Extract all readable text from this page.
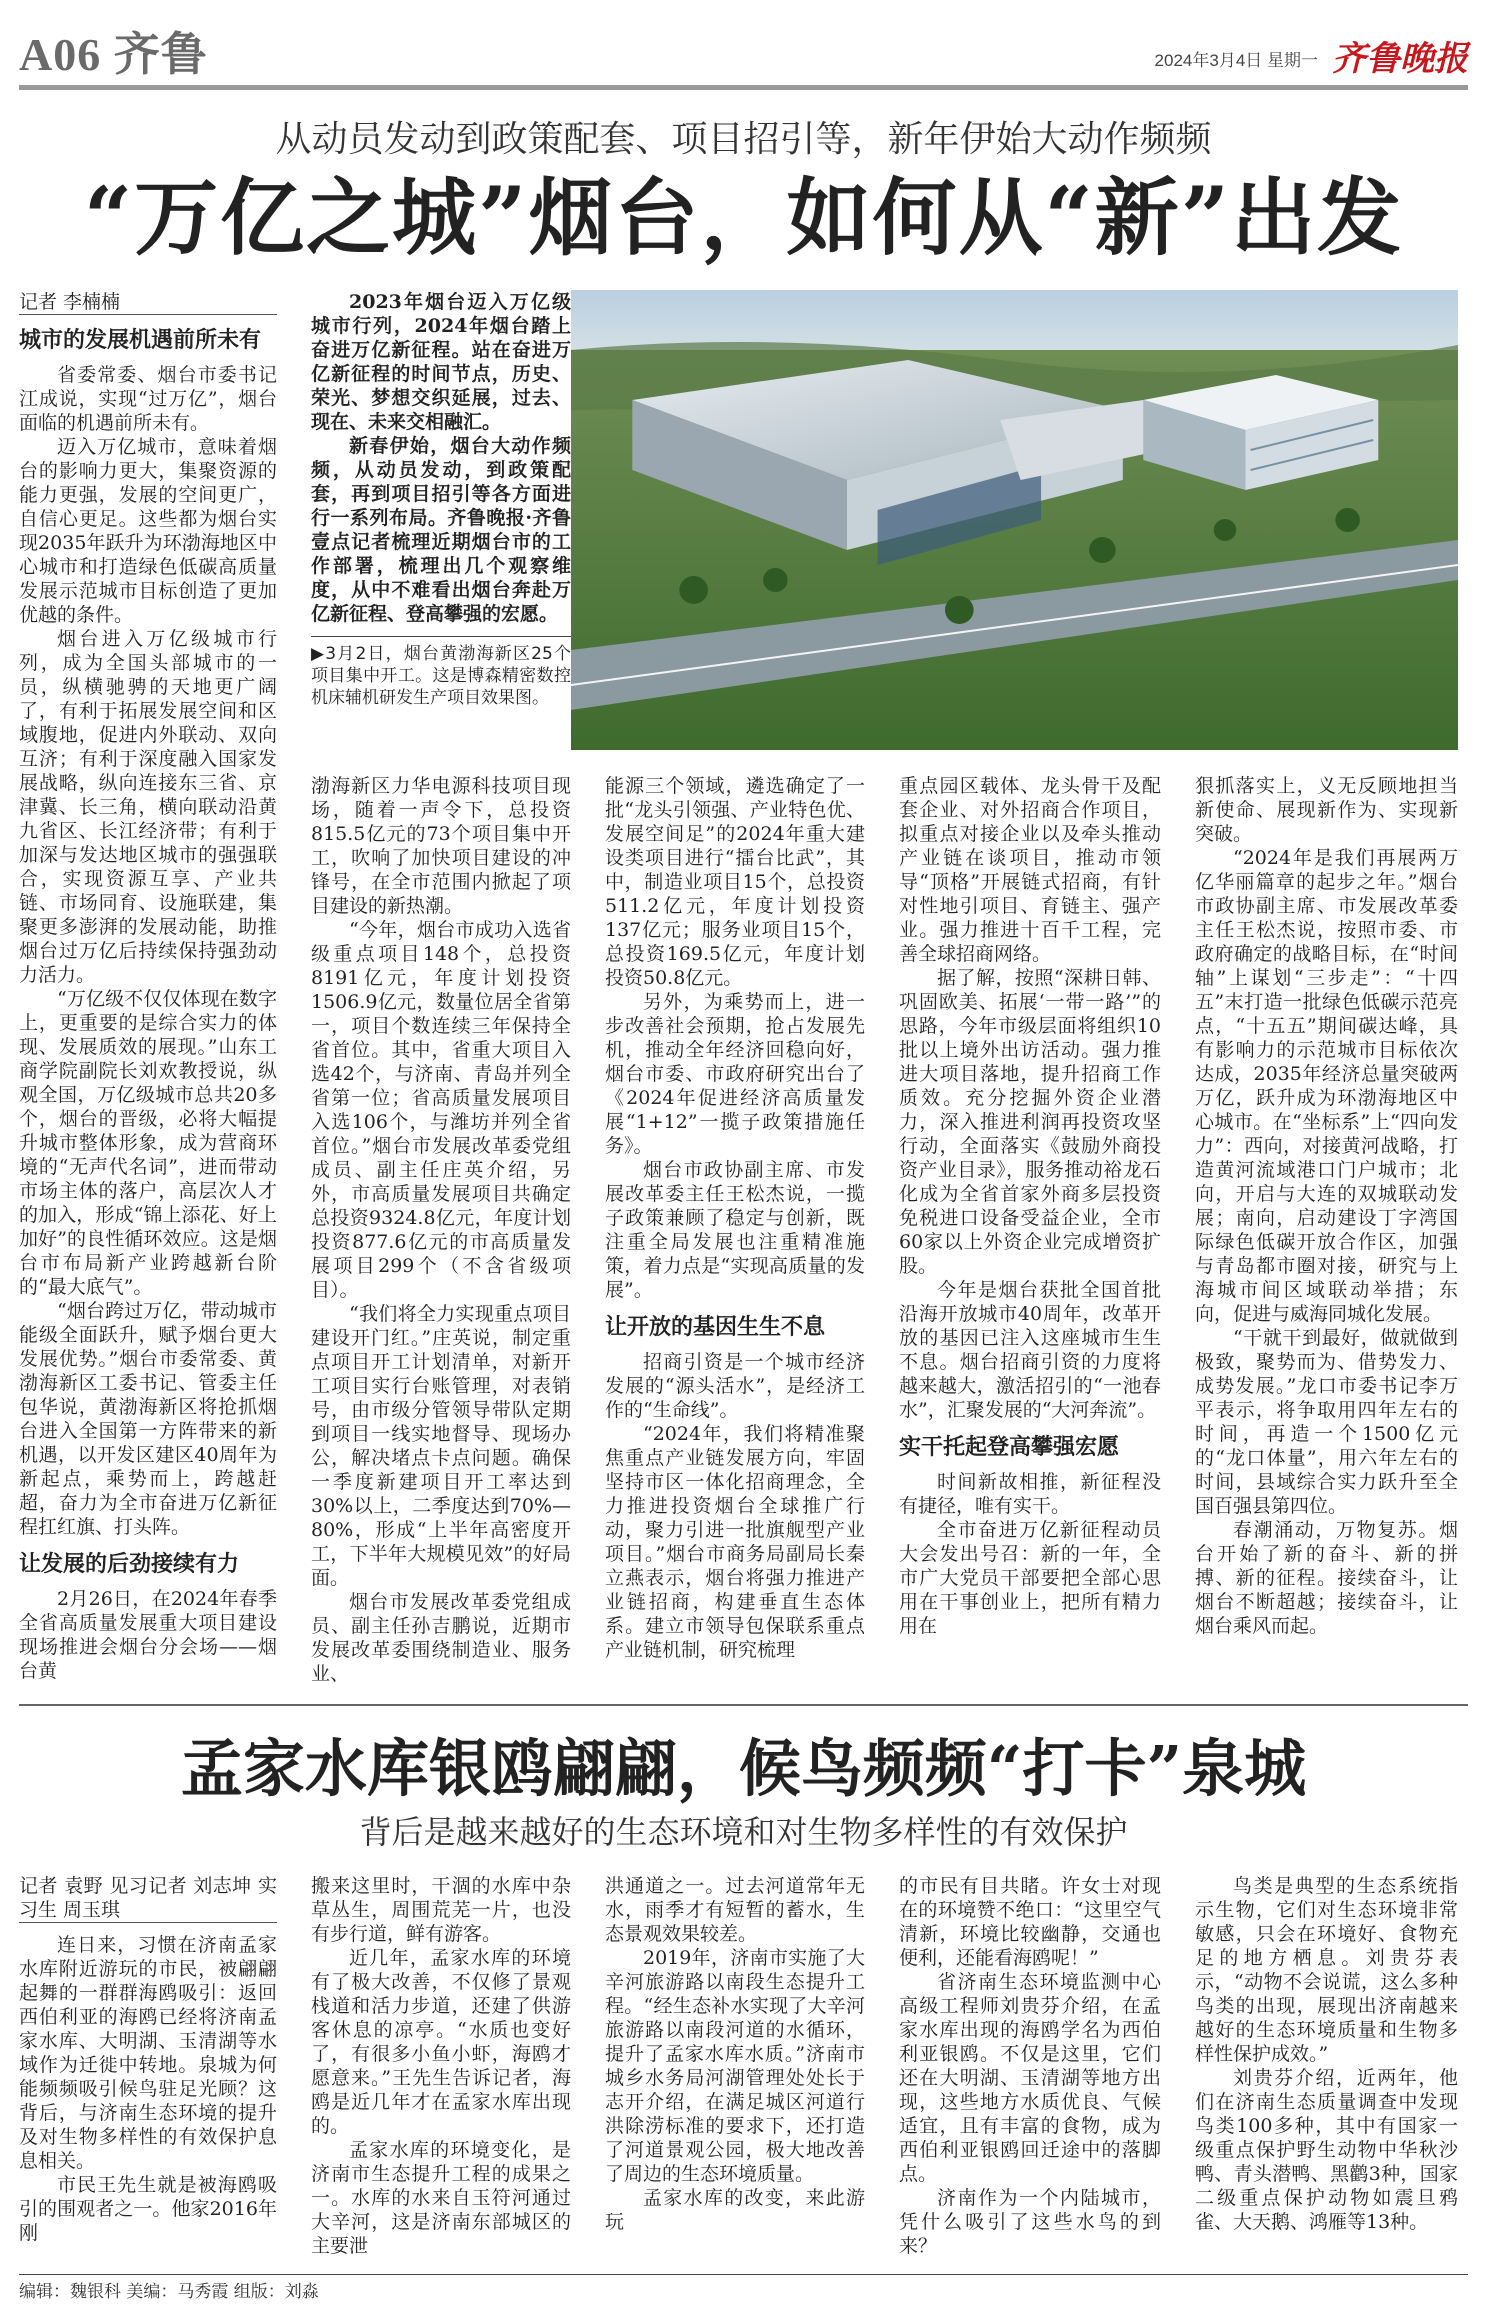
A06 齐鲁	2024年3月4日 星期一 齐鲁晚报
从动员发动到政策配套、项目招引等，新年伊始大动作频频
“万亿之城”烟台，如何从“新”出发

记者 李楠楠

城市的发展机遇前所未有

省委常委、烟台市委书记江成说，实现“过万亿”，烟台面临的机遇前所未有。

迈入万亿城市，意味着烟台的影响力更大，集聚资源的能力更强，发展的空间更广，自信心更足。这些都为烟台实现2035年跃升为环渤海地区中心城市和打造绿色低碳高质量发展示范城市目标创造了更加优越的条件。

烟台进入万亿级城市行列，成为全国头部城市的一员，纵横驰骋的天地更广阔了，有利于拓展发展空间和区域腹地，促进内外联动、双向互济；有利于深度融入国家发展战略，纵向连接东三省、京津冀、长三角，横向联动沿黄九省区、长江经济带；有利于加深与发达地区城市的强强联合，实现资源互享、产业共链、市场同育、设施联建，集聚更多澎湃的发展动能，助推烟台过万亿后持续保持强劲动力活力。

“万亿级不仅仅体现在数字上，更重要的是综合实力的体现、发展质效的展现。”山东工商学院副院长刘欢教授说，纵观全国，万亿级城市总共20多个，烟台的晋级，必将大幅提升城市整体形象，成为营商环境的“无声代名词”，进而带动市场主体的落户，高层次人才的加入，形成“锦上添花、好上加好”的良性循环效应。这是烟台市布局新产业跨越新台阶的“最大底气”。

“烟台跨过万亿，带动城市能级全面跃升，赋予烟台更大发展优势。”烟台市委常委、黄渤海新区工委书记、管委主任包华说，黄渤海新区将抢抓烟台进入全国第一方阵带来的新机遇，以开发区建区40周年为新起点，乘势而上，跨越赶超，奋力为全市奋进万亿新征程扛红旗、打头阵。

让发展的后劲接续有力

2月26日，在2024年春季全省高质量发展重大项目建设现场推进会烟台分会场——烟台黄

2023年烟台迈入万亿级城市行列，2024年烟台踏上奋进万亿新征程。站在奋进万亿新征程的时间节点，历史、荣光、梦想交织延展，过去、现在、未来交相融汇。

新春伊始，烟台大动作频频，从动员发动，到政策配套，再到项目招引等各方面进行一系列布局。齐鲁晚报·齐鲁壹点记者梳理近期烟台市的工作部署，梳理出几个观察维度，从中不难看出烟台奔赴万亿新征程、登高攀强的宏愿。

▶3月2日，烟台黄渤海新区25个项目集中开工。这是博森精密数控机床辅机研发生产项目效果图。

渤海新区力华电源科技项目现场，随着一声令下，总投资815.5亿元的73个项目集中开工，吹响了加快项目建设的冲锋号，在全市范围内掀起了项目建设的新热潮。

“今年，烟台市成功入选省级重点项目148个，总投资8191亿元，年度计划投资1506.9亿元，数量位居全省第一，项目个数连续三年保持全省首位。其中，省重大项目入选42个，与济南、青岛并列全省第一位；省高质量发展项目入选106个，与潍坊并列全省首位。”烟台市发展改革委党组成员、副主任庄英介绍，另外，市高质量发展项目共确定总投资9324.8亿元，年度计划投资877.6亿元的市高质量发展项目299个（不含省级项目）。

“我们将全力实现重点项目建设开门红。”庄英说，制定重点项目开工计划清单，对新开工项目实行台账管理，对表销号，由市级分管领导带队定期到项目一线实地督导、现场办公，解决堵点卡点问题。确保一季度新建项目开工率达到30%以上，二季度达到70%—80%，形成“上半年高密度开工，下半年大规模见效”的好局面。

烟台市发展改革委党组成员、副主任孙吉鹏说，近期市发展改革委围绕制造业、服务业、

能源三个领域，遴选确定了一批“龙头引领强、产业特色优、发展空间足”的2024年重大建设类项目进行“擂台比武”，其中，制造业项目15个，总投资511.2亿元，年度计划投资137亿元；服务业项目15个，总投资169.5亿元，年度计划投资50.8亿元。

另外，为乘势而上，进一步改善社会预期，抢占发展先机，推动全年经济回稳向好，烟台市委、市政府研究出台了《2024年促进经济高质量发展“1+12”一揽子政策措施任务》。

烟台市政协副主席、市发展改革委主任王松杰说，一揽子政策兼顾了稳定与创新，既注重全局发展也注重精准施策，着力点是“实现高质量的发展”。

让开放的基因生生不息

招商引资是一个城市经济发展的“源头活水”，是经济工作的“生命线”。

“2024年，我们将精准聚焦重点产业链发展方向，牢固坚持市区一体化招商理念，全力推进投资烟台全球推广行动，聚力引进一批旗舰型产业项目。”烟台市商务局副局长秦立燕表示，烟台将强力推进产业链招商，构建垂直生态体系。建立市领导包保联系重点产业链机制，研究梳理

重点园区载体、龙头骨干及配套企业、对外招商合作项目，拟重点对接企业以及牵头推动产业链在谈项目，推动市领导“顶格”开展链式招商，有针对性地引项目、育链主、强产业。强力推进十百千工程，完善全球招商网络。

据了解，按照“深耕日韩、巩固欧美、拓展‘一带一路’”的思路，今年市级层面将组织10批以上境外出访活动。强力推进大项目落地，提升招商工作质效。充分挖掘外资企业潜力，深入推进利润再投资攻坚行动，全面落实《鼓励外商投资产业目录》，服务推动裕龙石化成为全省首家外商多层投资免税进口设备受益企业，全市60家以上外资企业完成增资扩股。

今年是烟台获批全国首批沿海开放城市40周年，改革开放的基因已注入这座城市生生不息。烟台招商引资的力度将越来越大，激活招引的“一池春水”，汇聚发展的“大河奔流”。

实干托起登高攀强宏愿

时间新故相推，新征程没有捷径，唯有实干。

全市奋进万亿新征程动员大会发出号召：新的一年，全市广大党员干部要把全部心思用在干事创业上，把所有精力用在

狠抓落实上，义无反顾地担当新使命、展现新作为、实现新突破。

“2024年是我们再展两万亿华丽篇章的起步之年。”烟台市政协副主席、市发展改革委主任王松杰说，按照市委、市政府确定的战略目标，在“时间轴”上谋划“三步走”：“十四五”末打造一批绿色低碳示范亮点，“十五五”期间碳达峰，具有影响力的示范城市目标依次达成，2035年经济总量突破两万亿，跃升成为环渤海地区中心城市。在“坐标系”上“四向发力”：西向，对接黄河战略，打造黄河流域港口门户城市；北向，开启与大连的双城联动发展；南向，启动建设丁字湾国际绿色低碳开放合作区，加强与青岛都市圈对接，研究与上海城市间区域联动举措；东向，促进与威海同城化发展。

“干就干到最好，做就做到极致，聚势而为、借势发力、成势发展。”龙口市委书记李万平表示，将争取用四年左右的时间，再造一个1500亿元的“龙口体量”，用六年左右的时间，县域综合实力跃升至全国百强县第四位。

春潮涌动，万物复苏。烟台开始了新的奋斗、新的拼搏、新的征程。接续奋斗，让烟台不断超越；接续奋斗，让烟台乘风而起。

孟家水库银鸥翩翩，候鸟频频“打卡”泉城
背后是越来越好的生态环境和对生物多样性的有效保护

记者 袁野 见习记者 刘志坤 实习生 周玉琪

连日来，习惯在济南孟家水库附近游玩的市民，被翩翩起舞的一群群海鸥吸引：返回西伯利亚的海鸥已经将济南孟家水库、大明湖、玉清湖等水域作为迁徙中转地。泉城为何能频频吸引候鸟驻足光顾？这背后，与济南生态环境的提升及对生物多样性的有效保护息息相关。

市民王先生就是被海鸥吸引的围观者之一。他家2016年刚

搬来这里时，干涸的水库中杂草丛生，周围荒芜一片，也没有步行道，鲜有游客。

近几年，孟家水库的环境有了极大改善，不仅修了景观栈道和活力步道，还建了供游客休息的凉亭。“水质也变好了，有很多小鱼小虾，海鸥才愿意来。”王先生告诉记者，海鸥是近几年才在孟家水库出现的。

孟家水库的环境变化，是济南市生态提升工程的成果之一。水库的水来自玉符河通过大辛河，这是济南东部城区的主要泄

洪通道之一。过去河道常年无水，雨季才有短暂的蓄水，生态景观效果较差。

2019年，济南市实施了大辛河旅游路以南段生态提升工程。“经生态补水实现了大辛河旅游路以南段河道的水循环，提升了孟家水库水质。”济南市城乡水务局河湖管理处处长于志开介绍，在满足城区河道行洪除涝标准的要求下，还打造了河道景观公园，极大地改善了周边的生态环境质量。

孟家水库的改变，来此游玩

的市民有目共睹。许女士对现在的环境赞不绝口：“这里空气清新，环境比较幽静，交通也便利，还能看海鸥呢！”

省济南生态环境监测中心高级工程师刘贵芬介绍，在孟家水库出现的海鸥学名为西伯利亚银鸥。不仅是这里，它们还在大明湖、玉清湖等地方出现，这些地方水质优良、气候适宜，且有丰富的食物，成为西伯利亚银鸥回迁途中的落脚点。

济南作为一个内陆城市，凭什么吸引了这些水鸟的到来？

鸟类是典型的生态系统指示生物，它们对生态环境非常敏感，只会在环境好、食物充足的地方栖息。刘贵芬表示，“动物不会说谎，这么多种鸟类的出现，展现出济南越来越好的生态环境质量和生物多样性保护成效。”

刘贵芬介绍，近两年，他们在济南生态质量调查中发现鸟类100多种，其中有国家一级重点保护野生动物中华秋沙鸭、青头潜鸭、黑鹳3种，国家二级重点保护动物如震旦鸦雀、大天鹅、鸿雁等13种。

编辑：魏银科 美编：马秀霞 组版：刘淼
